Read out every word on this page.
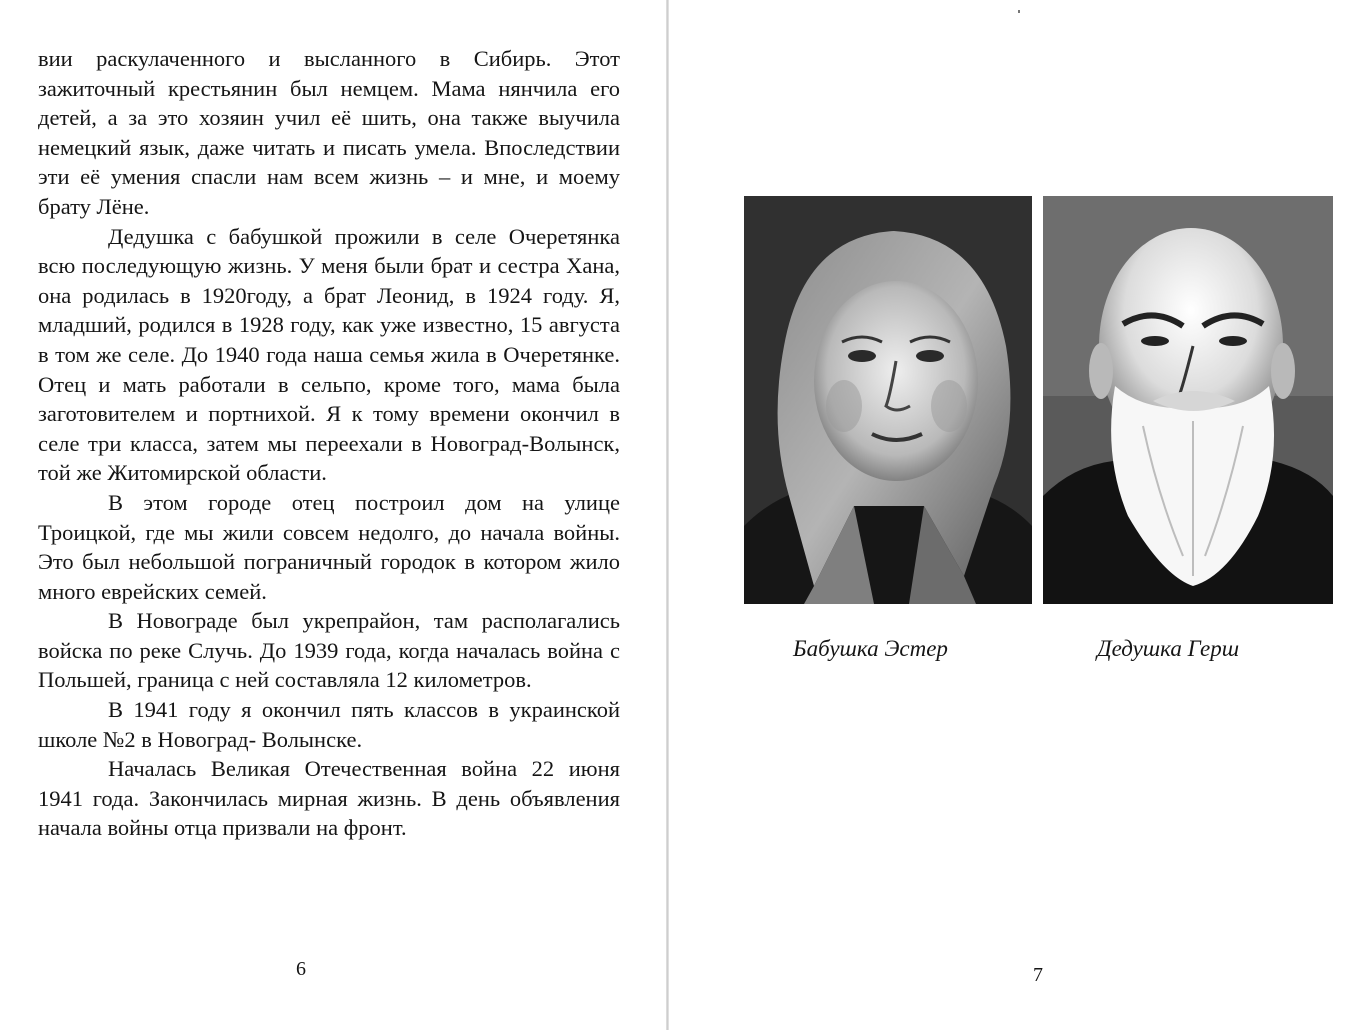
вии раскулаченного и высланного в Сибирь. Этот зажиточный крестьянин был немцем. Мама нянчила его детей, а за это хозяин учил её шить, она также выучила немецкий язык, даже читать и писать умела. Впоследствии эти её умения спасли нам всем жизнь – и мне, и моему брату Лёне.

Дедушка с бабушкой прожили в селе Очеретянка всю последующую жизнь. У меня были брат и сестра Хана, она родилась в 1920году, а брат Леонид, в 1924 году. Я, младший, родился в 1928 году, как уже известно, 15 августа в том же селе. До 1940 года наша семья жила в Очеретянке. Отец и мать работали в сельпо, кроме того, мама была заготовителем и портнихой. Я к тому времени окончил в селе три класса, затем мы переехали в Новоград-Волынск, той же Житомирской области.

В этом городе отец построил дом на улице Троицкой, где мы жили совсем недолго, до начала войны. Это был небольшой пограничный городок в котором жило много еврейских семей.

В Новограде был укрепрайон, там располагались войска по реке Случь. До 1939 года, когда началась война с Польшей, граница с ней составляла 12 километров.

В 1941 году я окончил пять классов в украинской школе №2 в Новоград- Волынске.

Началась Великая Отечественная война 22 июня 1941 года. Закончилась мирная жизнь. В день объявления начала войны отца призвали на фронт.

6
Бабушка Эстер	Дедушка Герш
7
